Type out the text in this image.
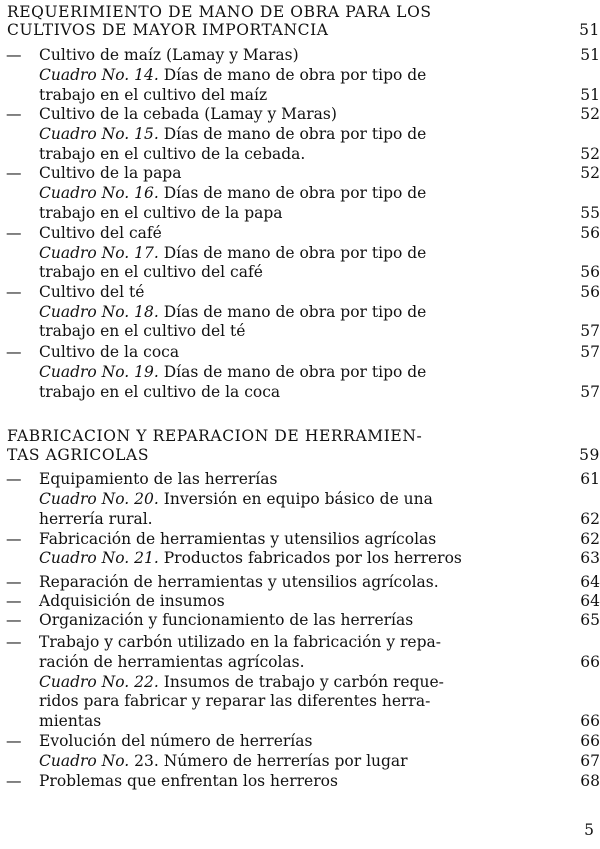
REQUERIMIENTO DE MANO DE OBRA PARA LOS
CULTIVOS DE MAYOR IMPORTANCIA	51
— Cultivo de maíz (Lamay y Maras)	51
Cuadro No. 14. Días de mano de obra por tipo de
trabajo en el cultivo del maíz	51
— Cultivo de la cebada (Lamay y Maras)	52
Cuadro No. 15. Días de mano de obra por tipo de
trabajo en el cultivo de la cebada.	52
— Cultivo de la papa	52
Cuadro No. 16. Días de mano de obra por tipo de
trabajo en el cultivo de la papa	55
— Cultivo del café	56
Cuadro No. 17. Días de mano de obra por tipo de
trabajo en el cultivo del café	56
— Cultivo del té	56
Cuadro No. 18. Días de mano de obra por tipo de
trabajo en el cultivo del té	57
— Cultivo de la coca	57
Cuadro No. 19. Días de mano de obra por tipo de
trabajo en el cultivo de la coca	57
FABRICACION Y REPARACION DE HERRAMIEN-
TAS AGRICOLAS	59
— Equipamiento de las herrerías	61
Cuadro No. 20. Inversión en equipo básico de una
herrería rural.	62
— Fabricación de herramientas y utensilios agrícolas	62
Cuadro No. 21. Productos fabricados por los herreros	63
— Reparación de herramientas y utensilios agrícolas.	64
— Adquisición de insumos	64
— Organización y funcionamiento de las herrerías	65
— Trabajo y carbón utilizado en la fabricación y repa-
ración de herramientas agrícolas.	66
Cuadro No. 22. Insumos de trabajo y carbón reque-
ridos para fabricar y reparar las diferentes herra-
mientas	66
— Evolución del número de herrerías	66
Cuadro No. 23. Número de herrerías por lugar	67
— Problemas que enfrentan los herreros	68
5
